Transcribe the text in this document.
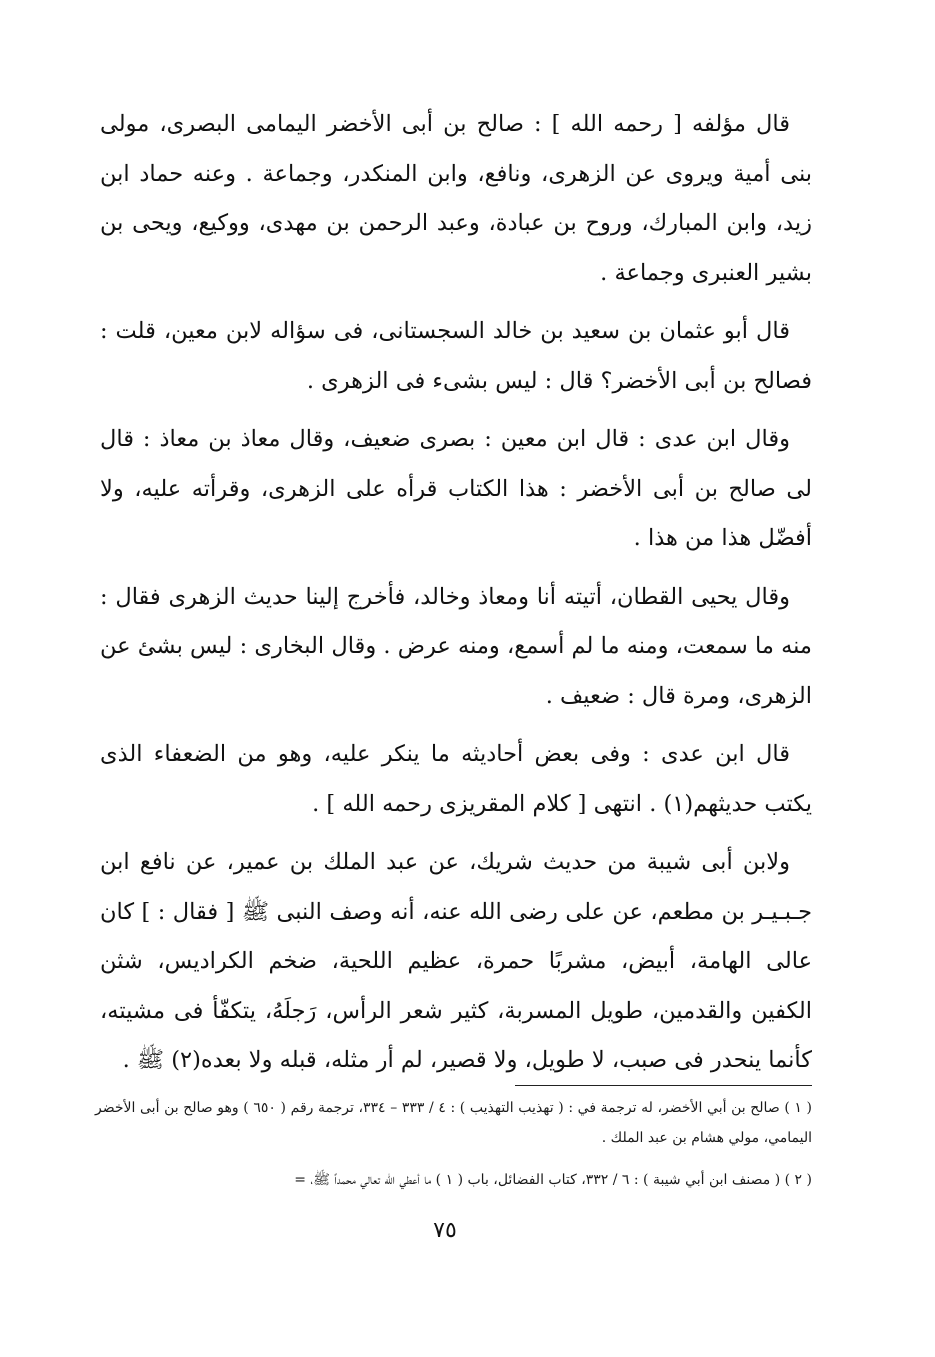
قال مؤلفه [ رحمه الله ] : صالح بن أبى الأخضر اليمامى البصرى، مولى بنى أمية ويروى عن الزهرى، ونافع، وابن المنكدر، وجماعة . وعنه حماد ابن زيد، وابن المبارك، وروح بن عبادة، وعبد الرحمن بن مهدى، ووكيع، ويحى بن بشير العنبرى وجماعة .

قال أبو عثمان بن سعيد بن خالد السجستانى، فى سؤاله لابن معين، قلت : فصالح بن أبى الأخضر؟ قال : ليس بشىء فى الزهرى .

وقال ابن عدى : قال ابن معين : بصرى ضعيف، وقال معاذ بن معاذ : قال لى صالح بن أبى الأخضر : هذا الكتاب قرأه على الزهرى، وقرأته عليه، ولا أفضّل هذا من هذا .

وقال يحيى القطان، أتيته أنا ومعاذ وخالد، فأخرج إلينا حديث الزهرى فقال : منه ما سمعت، ومنه ما لم أسمع، ومنه عرض . وقال البخارى : ليس بشئ عن الزهرى، ومرة قال : ضعيف .

قال ابن عدى : وفى بعض أحاديثه ما ينكر عليه، وهو من الضعفاء الذى يكتب حديثهم(١) . انتهى [ كلام المقريزى رحمه الله ] .

ولابن أبى شيبة من حديث شريك، عن عبد الملك بن عمير، عن نافع ابن جـبـيـر بن مطعم، عن على رضى الله عنه، أنه وصف النبى ﷺ [ فقال : ] كان عالى الهامة، أبيض، مشربًا حمرة، عظيم اللحية، ضخم الكراديس، شثن الكفين والقدمين، طويل المسربة، كثير شعر الرأس، رَجلَهُ، يتكفّأ فى مشيته، كأنما ينحدر فى صبب، لا طويل، ولا قصير، لم أر مثله، قبله ولا بعده(٢) ﷺ .

( ١ ) صالح بن أبي الأخضر، له ترجمة في : ( تهذيب التهذيب ) : ٤ / ٣٣٣ – ٣٣٤، ترجمة رقم ( ٦٥٠ ) وهو صالح بن أبى الأخضر اليمامي، مولي هشام بن عبد الملك .

( ٢ ) ( مصنف ابن أبي شيبة ) : ٦ / ٣٣٢، كتاب الفضائل، باب ( ١ ) ما أعطي الله تعالي محمداً ﷺ، =

٧٥
